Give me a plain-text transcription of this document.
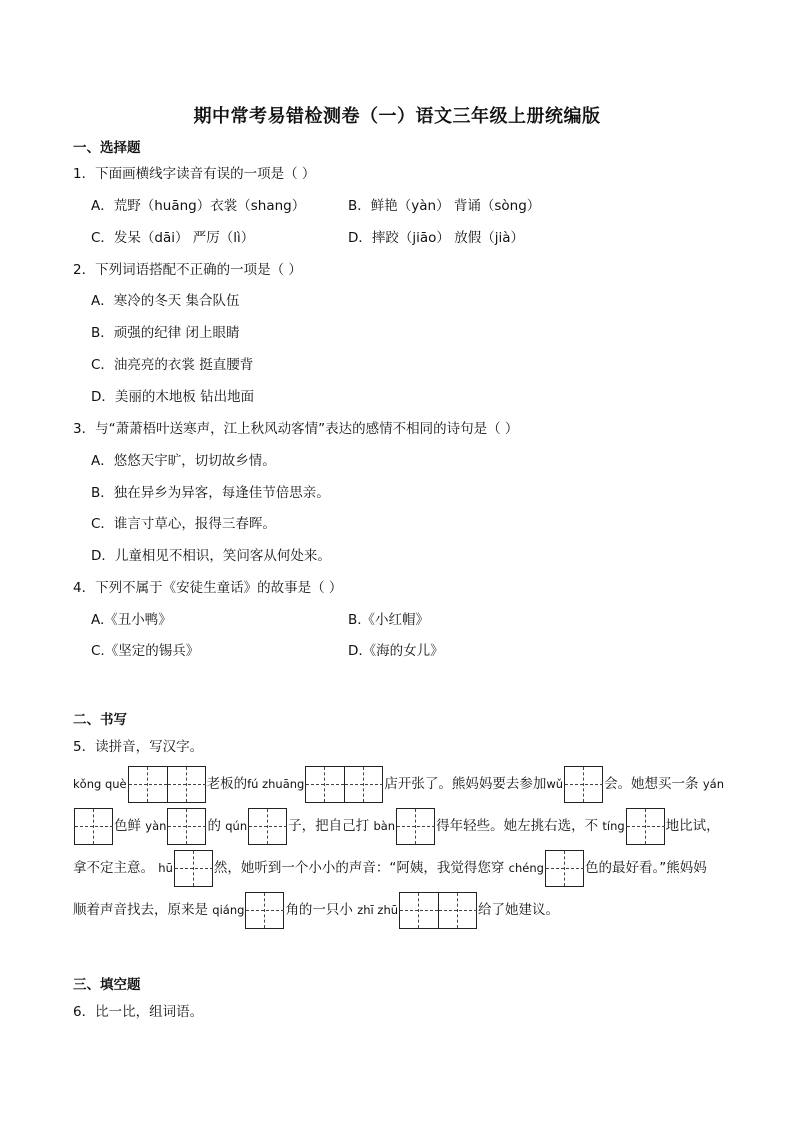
期中常考易错检测卷（一）语文三年级上册统编版
一、选择题
1．下面画横线字读音有误的一项是（ ）
A．荒野（huāng）衣裳（shang）	B．鲜艳（yàn） 背诵（sòng）
C．发呆（dāi） 严厉（lì）	D．摔跤（jiāo） 放假（jià）
2．下列词语搭配不正确的一项是（ ）
A．寒冷的冬天 集合队伍
B．顽强的纪律 闭上眼睛
C．油亮亮的衣裳 挺直腰背
D．美丽的木地板 钻出地面
3．与“萧萧梧叶送寒声，江上秋风动客情”表达的感情不相同的诗句是（ ）
A．悠悠天宇旷，切切故乡情。
B．独在异乡为异客，每逢佳节倍思亲。
C．谁言寸草心，报得三春晖。
D．儿童相见不相识，笑问客从何处来。
4．下列不属于《安徒生童话》的故事是（ ）
A.《丑小鸭》	B.《小红帽》
C.《坚定的锡兵》	D.《海的女儿》
二、书写
5．读拼音，写汉字。
kǒng què	老板的fú zhuāng	店开张了。熊妈妈要去参加wǔ	会。她想买一条 yán
色鲜 yàn	的 qún	子，把自己打 bàn	得年轻些。她左挑右选，不 tíng	地比试，
拿不定主意。 hū	然，她听到一个小小的声音：“阿姨，我觉得您穿 chéng	色的最好看。”熊妈妈
顺着声音找去，原来是 qiáng	角的一只小 zhī zhū	给了她建议。
三、填空题
6．比一比，组词语。
